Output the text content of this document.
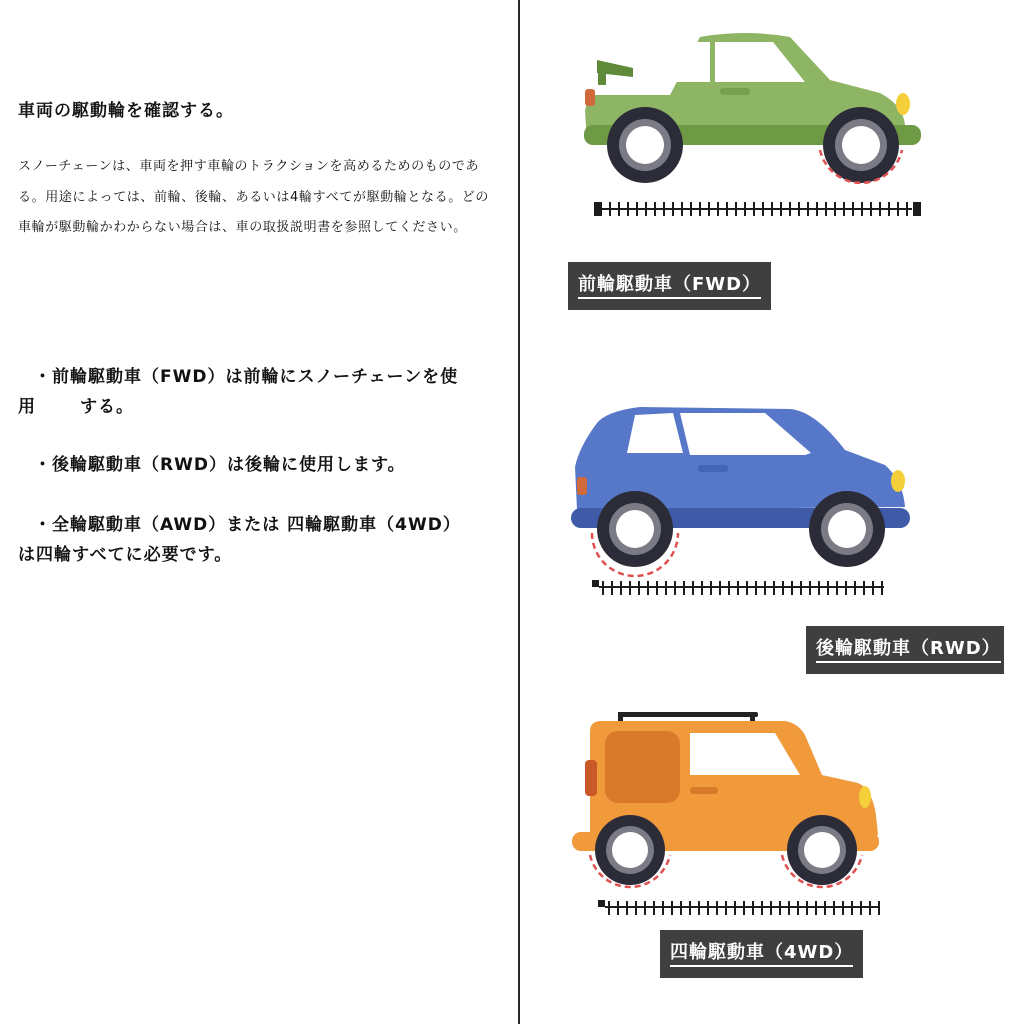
車両の駆動輪を確認する。

スノーチェーンは、車両を押す車輪のトラクションを高めるためのものである。用途によっては、前輪、後輪、あるいは4輪すべてが駆動輪となる。どの車輪が駆動輪かわからない場合は、車の取扱説明書を参照してください。

・前輪駆動車（FWD）は前輪にスノーチェーンを使
用	する。
・後輪駆動車（RWD）は後輪に使用します。
・全輪駆動車（AWD）または 四輪駆動車（4WD）
は四輪すべてに必要です。
前輪駆動車（FWD）
後輪駆動車（RWD）
四輪駆動車（4WD）
